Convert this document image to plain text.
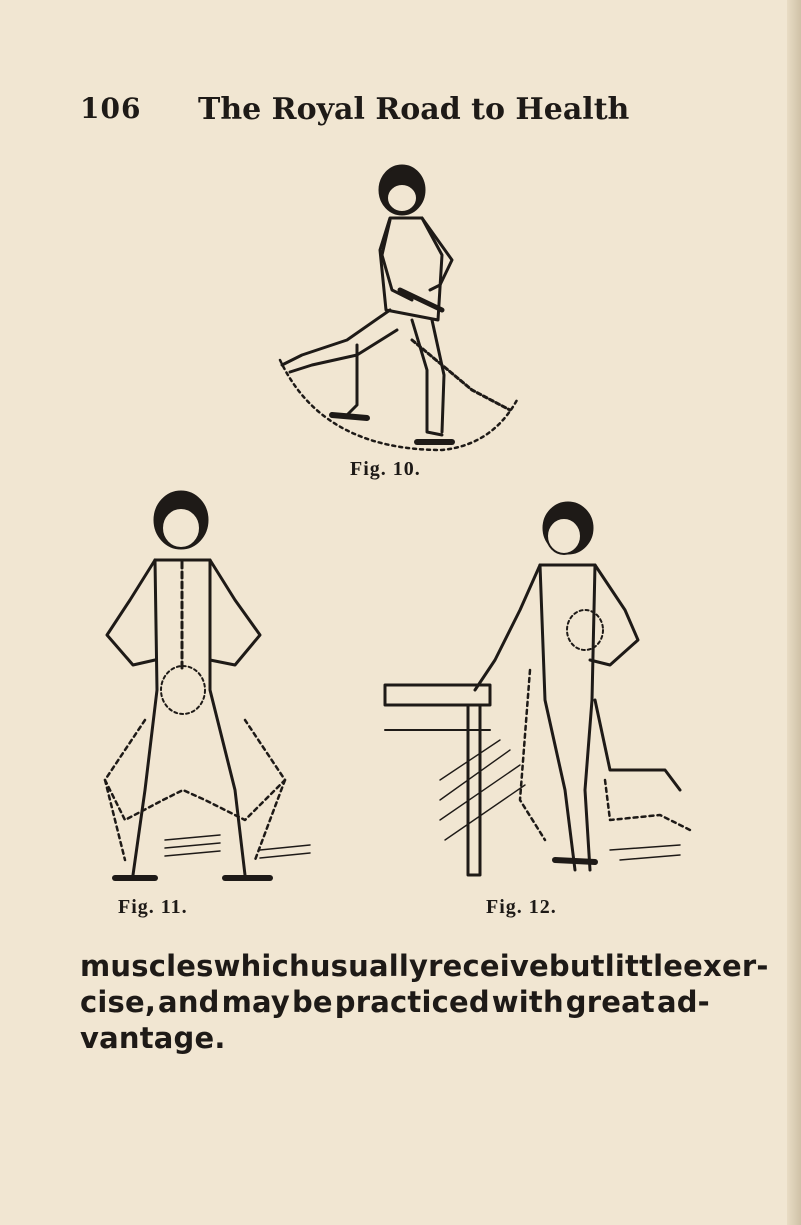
106 The Royal Road to Health
Fig. 10.
Fig. 11.	Fig. 12.
muscles which usually receive but little exer-
cise, and may be practiced with great ad-
vantage.
